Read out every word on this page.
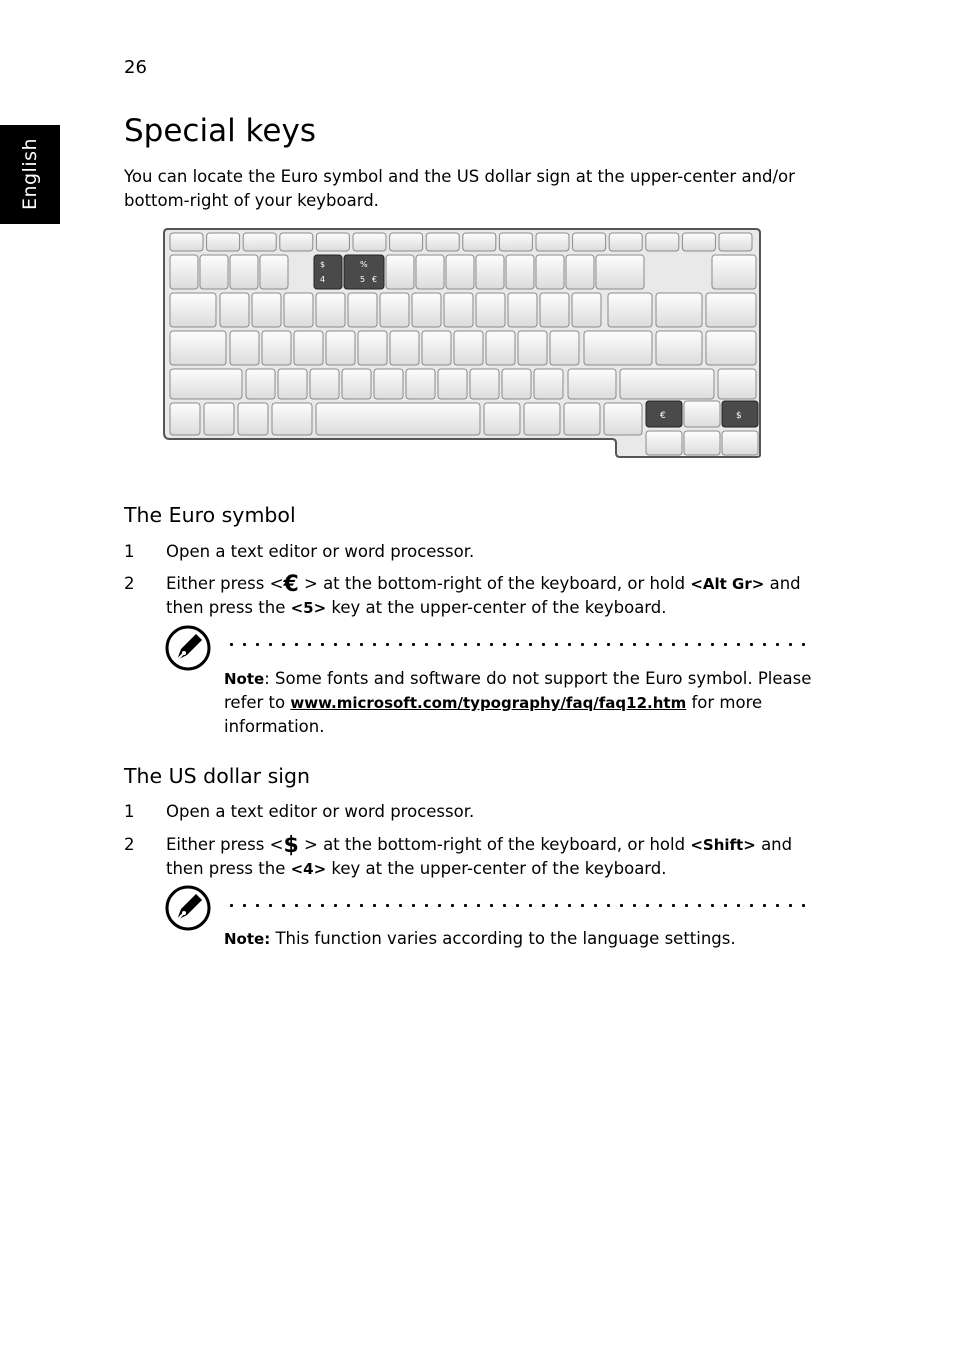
26
English
Special keys

You can locate the Euro symbol and the US dollar sign at the upper-center and/or bottom-right of your keyboard.

$
4
%
5 €
€	$
The Euro symbol
1 Open a text editor or word processor.
2 Either press <€ > at the bottom-right of the keyboard, or hold <Alt Gr> and then press the <5> key at the upper-center of the keyboard.
Note: Some fonts and software do not support the Euro symbol. Please refer to www.microsoft.com/typography/faq/faq12.htm for more information.
The US dollar sign
1 Open a text editor or word processor.
2 Either press <$ > at the bottom-right of the keyboard, or hold <Shift> and then press the <4> key at the upper-center of the keyboard.
Note: This function varies according to the language settings.
